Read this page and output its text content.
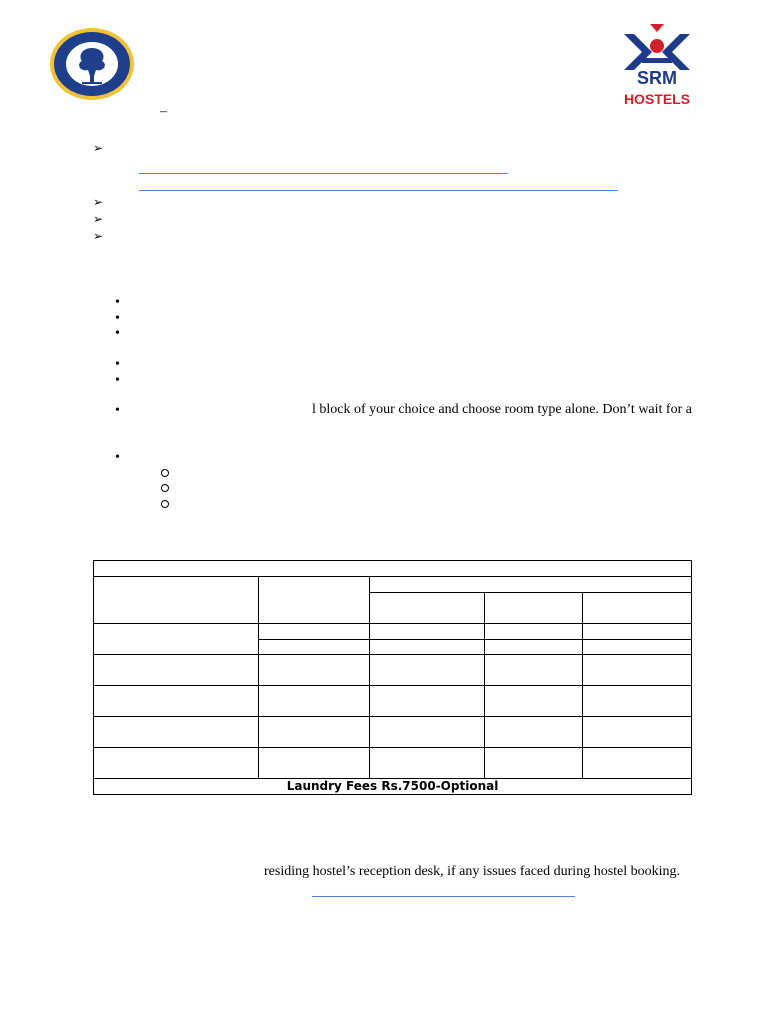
SRM
HOSTELS
–
➢
➢
➢
➢
•
•
•
•
•
•
•
l block of your choice and choose room type alone. Don’t wait for a

Laundry Fees Rs.7500-Optional				
residing hostel’s reception desk, if any issues faced during hostel booking.
